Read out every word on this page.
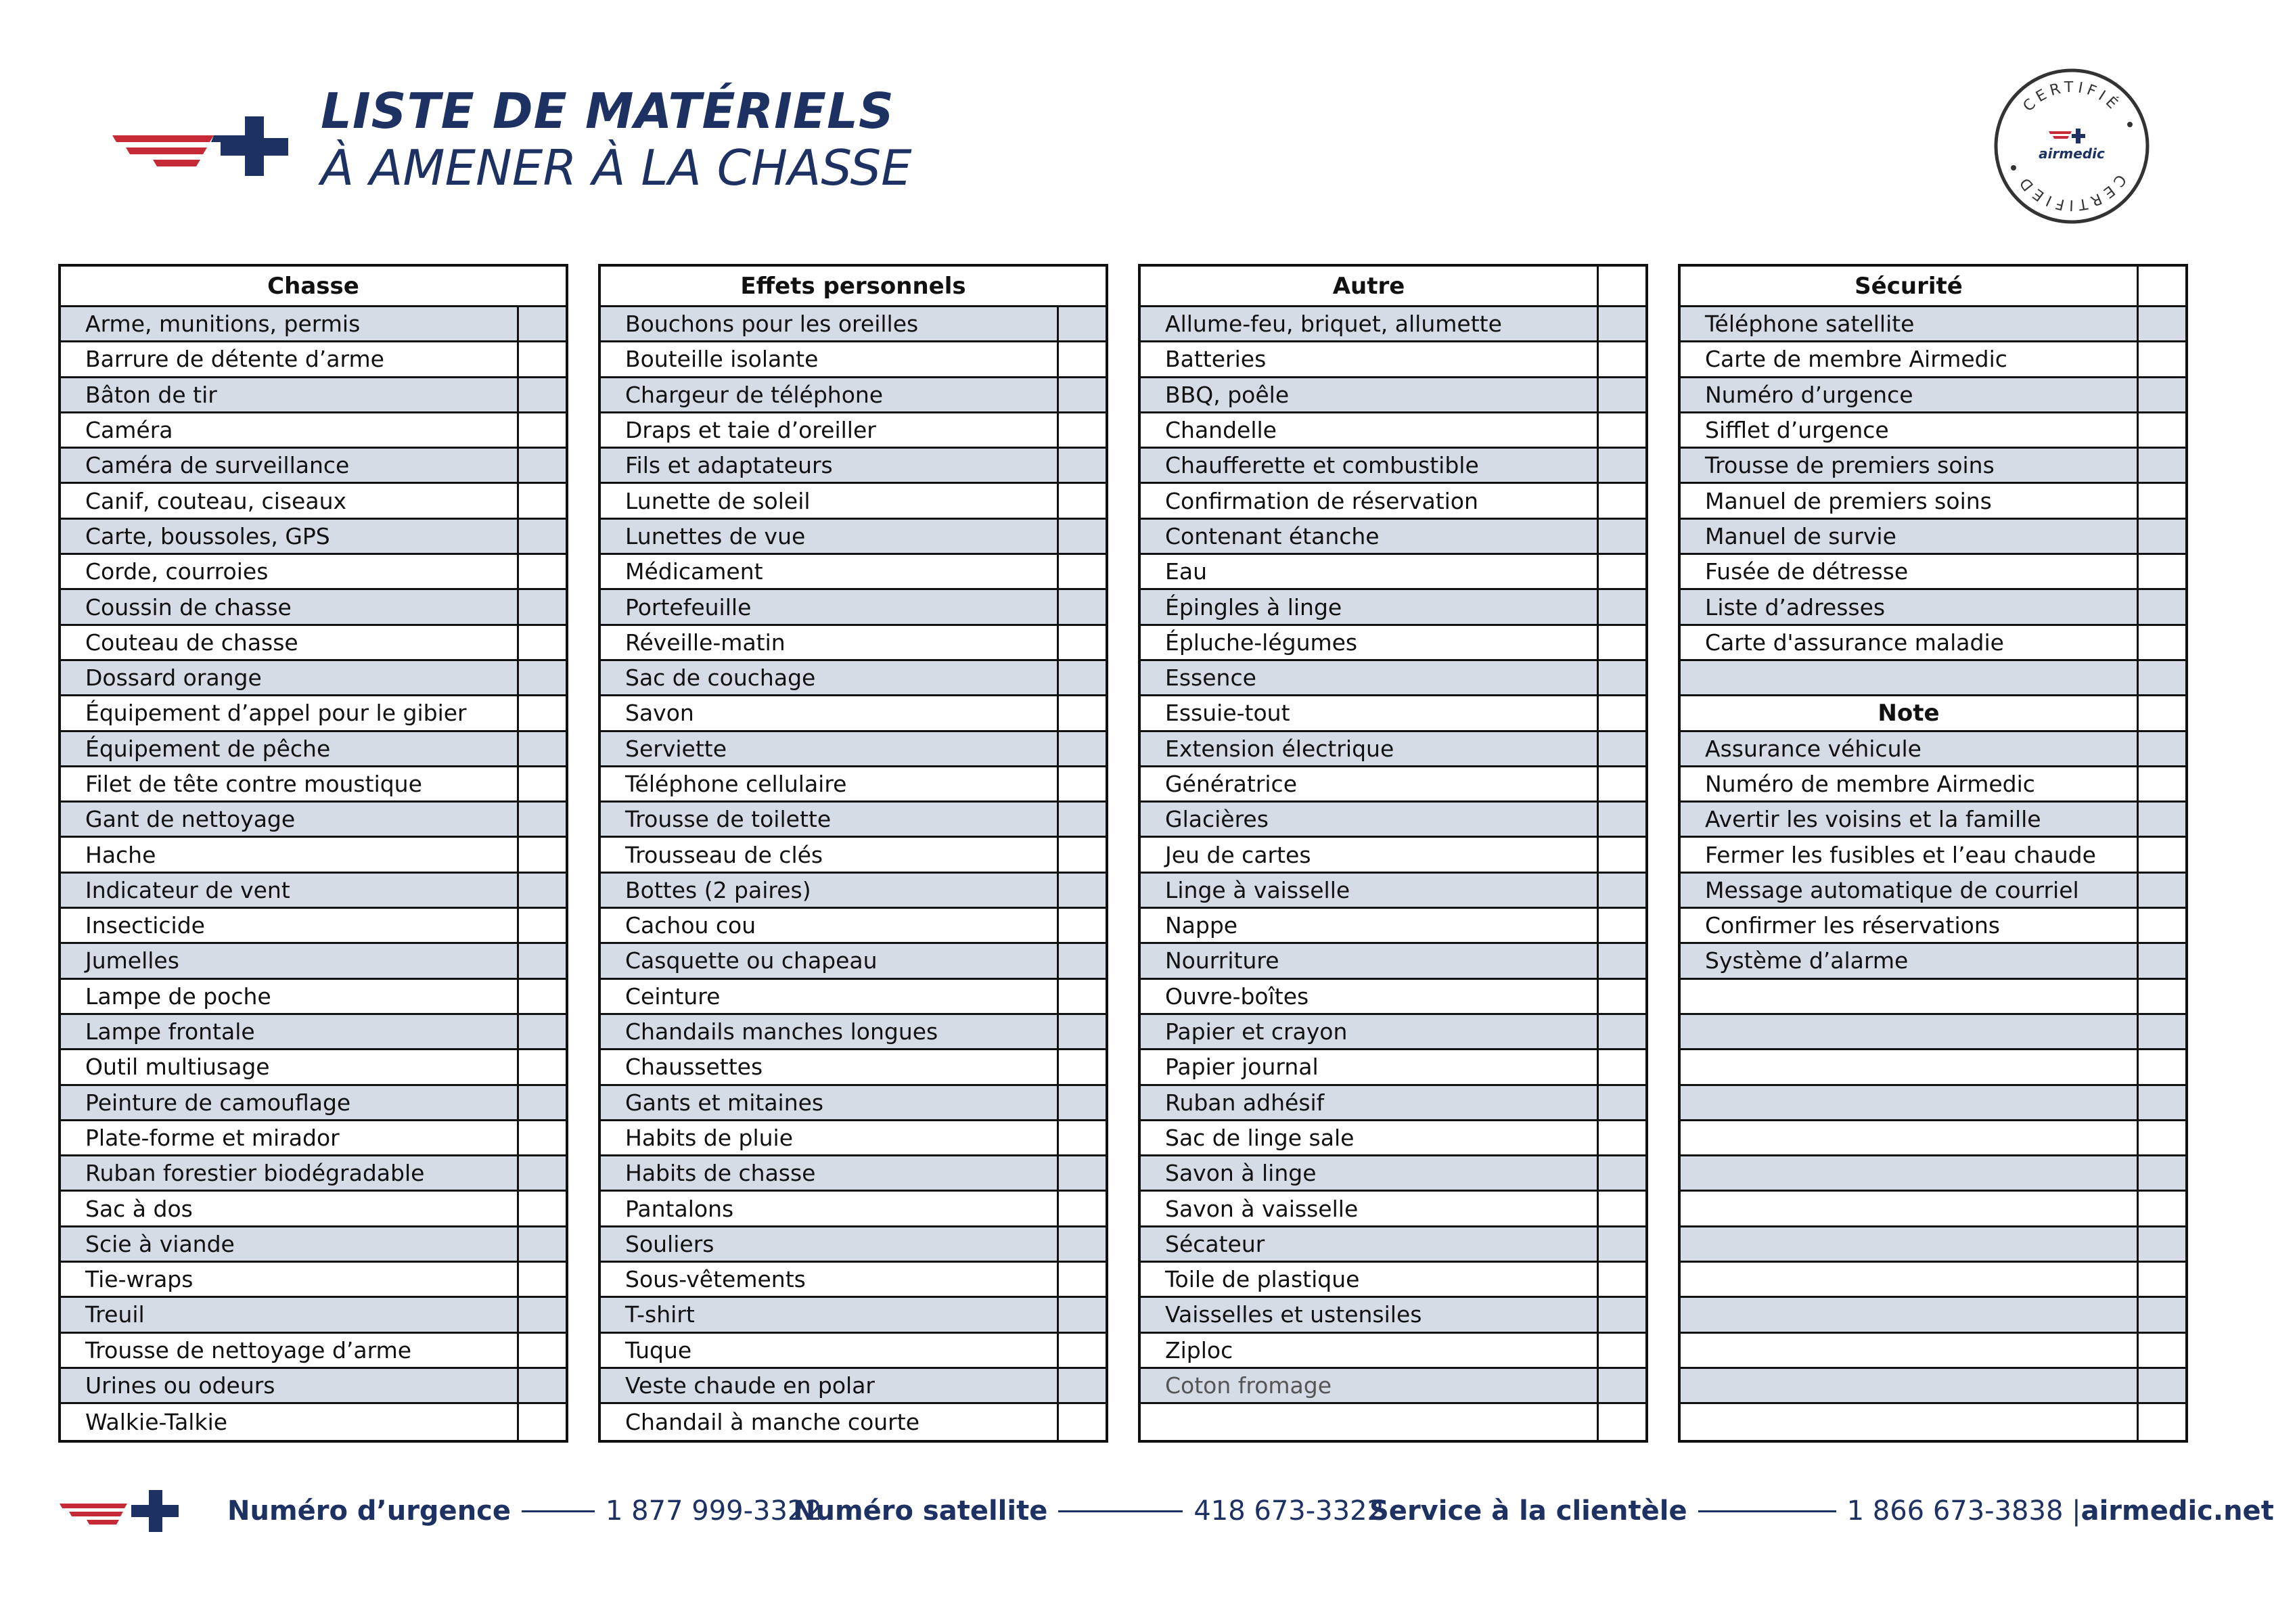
LISTE DE MATÉRIELS
À AMENER À LA CHASSE
CERTIFIÉ
CERTIFIED
airmedic
Chasse
Arme, munitions, permis
Barrure de détente d’arme
Bâton de tir
Caméra
Caméra de surveillance
Canif, couteau, ciseaux
Carte, boussoles, GPS
Corde, courroies
Coussin de chasse
Couteau de chasse
Dossard orange
Équipement d’appel pour le gibier
Équipement de pêche
Filet de tête contre moustique
Gant de nettoyage
Hache
Indicateur de vent
Insecticide
Jumelles
Lampe de poche
Lampe frontale
Outil multiusage
Peinture de camouflage
Plate-forme et mirador
Ruban forestier biodégradable
Sac à dos
Scie à viande
Tie-wraps
Treuil
Trousse de nettoyage d’arme
Urines ou odeurs
Walkie-Talkie
Effets personnels
Bouchons pour les oreilles
Bouteille isolante
Chargeur de téléphone
Draps et taie d’oreiller
Fils et adaptateurs
Lunette de soleil
Lunettes de vue
Médicament
Portefeuille
Réveille-matin
Sac de couchage
Savon
Serviette
Téléphone cellulaire
Trousse de toilette
Trousseau de clés
Bottes (2 paires)
Cachou cou
Casquette ou chapeau
Ceinture
Chandails manches longues
Chaussettes
Gants et mitaines
Habits de pluie
Habits de chasse
Pantalons
Souliers
Sous-vêtements
T-shirt
Tuque
Veste chaude en polar
Chandail à manche courte
Autre
Allume-feu, briquet, allumette
Batteries
BBQ, poêle
Chandelle
Chaufferette et combustible
Confirmation de réservation
Contenant étanche
Eau
Épingles à linge
Épluche-légumes
Essence
Essuie-tout
Extension électrique
Génératrice
Glacières
Jeu de cartes
Linge à vaisselle
Nappe
Nourriture
Ouvre-boîtes
Papier et crayon
Papier journal
Ruban adhésif
Sac de linge sale
Savon à linge
Savon à vaisselle
Sécateur
Toile de plastique
Vaisselles et ustensiles
Ziploc
Coton fromage
Sécurité
Téléphone satellite
Carte de membre Airmedic
Numéro d’urgence
Sifflet d’urgence
Trousse de premiers soins
Manuel de premiers soins
Manuel de survie
Fusée de détresse
Liste d’adresses
Carte d'assurance maladie
Note
Assurance véhicule
Numéro de membre Airmedic
Avertir les voisins et la famille
Fermer les fusibles et l’eau chaude
Message automatique de courriel
Confirmer les réservations
Système d’alarme
Numéro d’urgence	1 877 999-3322
Numéro satellite	418 673-3322
Service à la clientèle	1 866 673-3838 | airmedic.net
